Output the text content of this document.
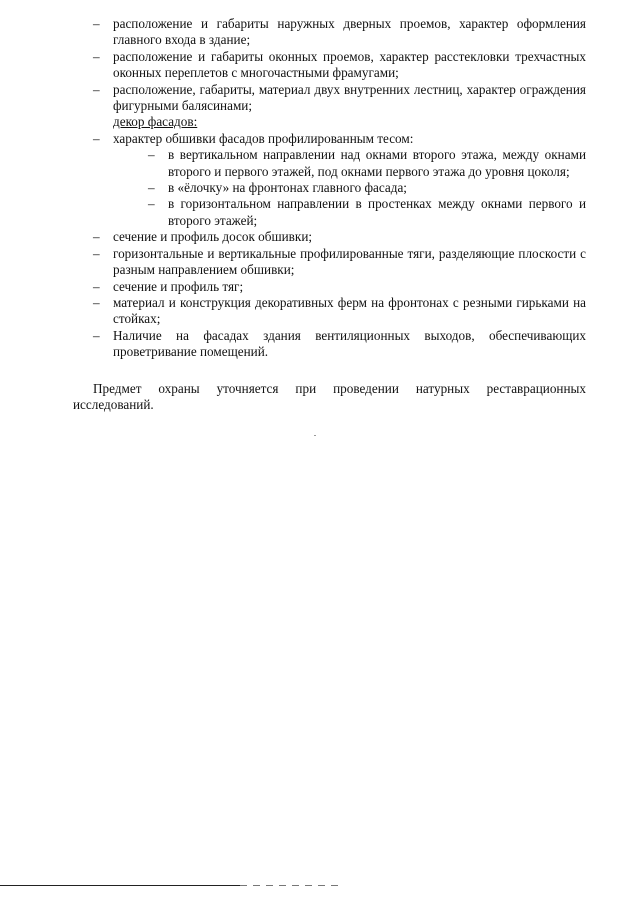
– расположение и габариты наружных дверных проемов, характер оформления главного входа в здание;
– расположение и габариты оконных проемов, характер расстекловки трехчастных оконных переплетов с многочастными фрамугами;
– расположение, габариты, материал двух внутренних лестниц, характер ограждения фигурными балясинами;
декор фасадов:
– характер обшивки фасадов профилированным тесом:
– в вертикальном направлении над окнами второго этажа, между окнами второго и первого этажей, под окнами первого этажа до уровня цоколя;
– в «ёлочку» на фронтонах главного фасада;
– в горизонтальном направлении в простенках между окнами первого и второго этажей;
– сечение и профиль досок обшивки;
– горизонтальные и вертикальные профилированные тяги, разделяющие плоскости с разным направлением обшивки;
– сечение и профиль тяг;
– материал и конструкция декоративных ферм на фронтонах с резными гирьками на стойках;
– Наличие на фасадах здания вентиляционных выходов, обеспечивающих проветривание помещений.

Предмет охраны уточняется при проведении натурных реставрационных исследований.
